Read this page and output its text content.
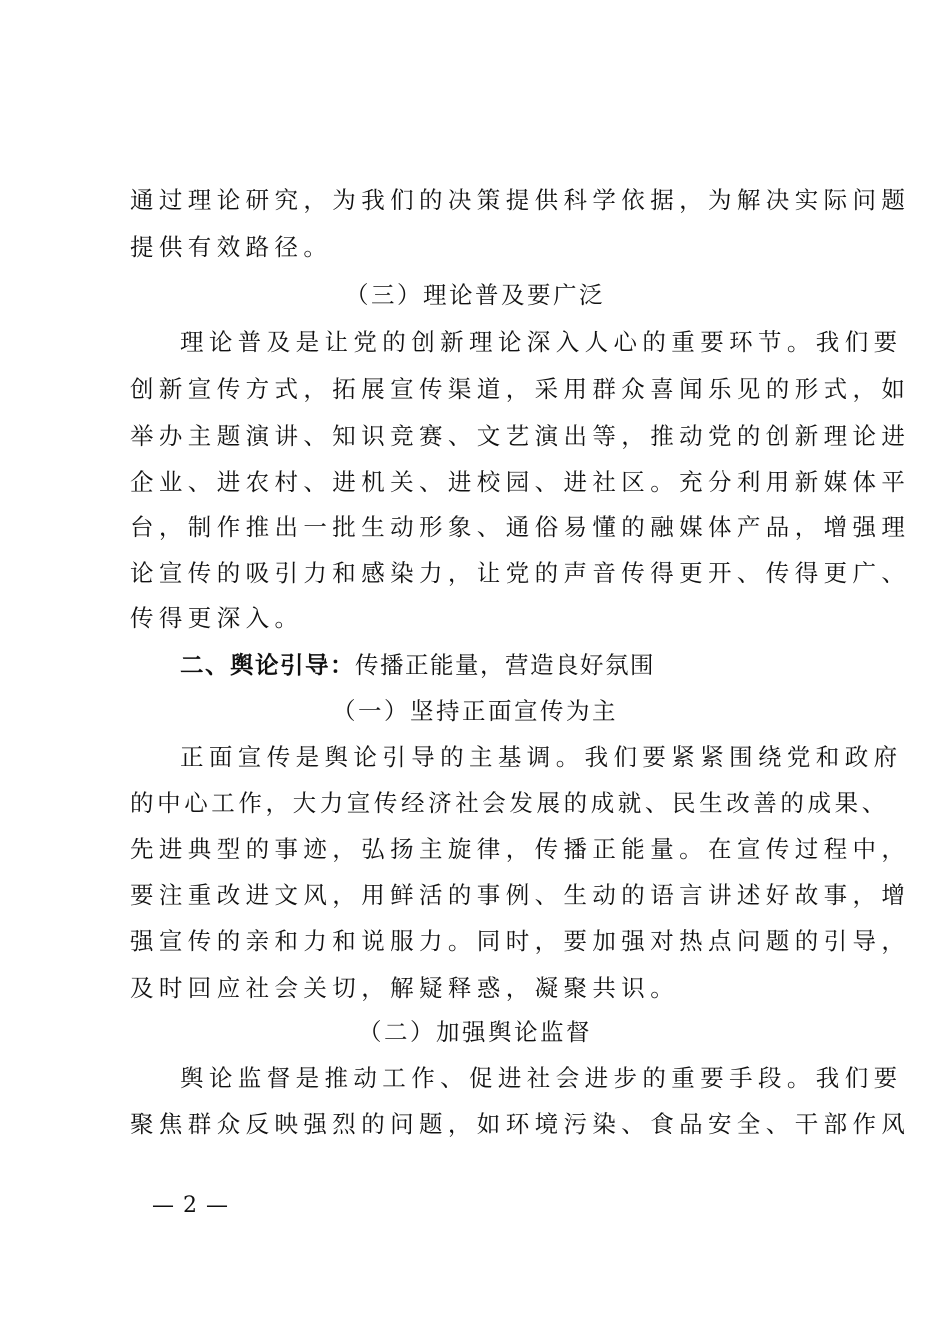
通过理论研究，为我们的决策提供科学依据，为解决实际问题
提供有效路径。
（三）理论普及要广泛
理论普及是让党的创新理论深入人心的重要环节。我们要
创新宣传方式，拓展宣传渠道，采用群众喜闻乐见的形式，如
举办主题演讲、知识竞赛、文艺演出等，推动党的创新理论进
企业、进农村、进机关、进校园、进社区。充分利用新媒体平
台，制作推出一批生动形象、通俗易懂的融媒体产品，增强理
论宣传的吸引力和感染力，让党的声音传得更开、传得更广、
传得更深入。
二、舆论引导：传播正能量，营造良好氛围
（一）坚持正面宣传为主
正面宣传是舆论引导的主基调。我们要紧紧围绕党和政府
的中心工作，大力宣传经济社会发展的成就、民生改善的成果、
先进典型的事迹，弘扬主旋律，传播正能量。在宣传过程中，
要注重改进文风，用鲜活的事例、生动的语言讲述好故事，增
强宣传的亲和力和说服力。同时，要加强对热点问题的引导，
及时回应社会关切，解疑释惑，凝聚共识。
（二）加强舆论监督
舆论监督是推动工作、促进社会进步的重要手段。我们要
聚焦群众反映强烈的问题，如环境污染、食品安全、干部作风
— 2 —
